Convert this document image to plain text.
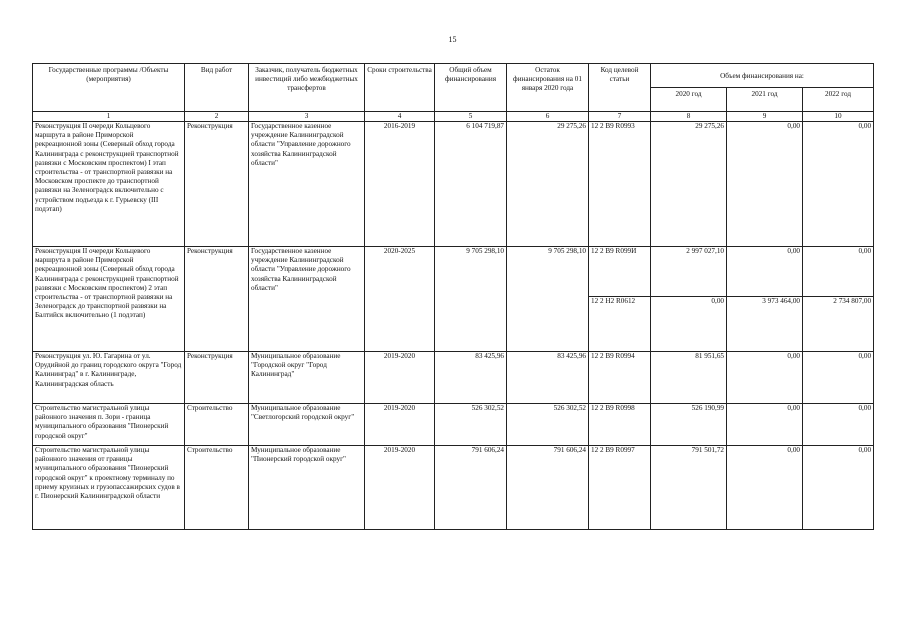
15
Государственные программы /Объекты (мероприятия)	Вид работ	Заказчик, получатель бюджетных инвестиций либо межбюджетных трансфертов	Сроки строительства	Общий объем финансирования	Остаток финансирования на 01 января 2020 года	Код целевой статьи	Объем финансирования на:		
							2020 год	2021 год	2022 год
1	2	3	4	5	6	7	8	9	10
Реконструкция II очереди Кольцевого маршрута в районе Приморской рекреационной зоны (Северный обход города Калининграда с реконструкцией транспортной развязки с Московским проспектом) I этап строительства - от транспортной развязки на Московском проспекте до транспортной развязки на Зеленоградск включительно с устройством подъезда к г. Гурьевску (III подэтап)	Реконструкция	Государственное казенное учреждение Калининградской области "Управление дорожного хозяйства Калининградской области"	2016-2019	6 104 719,87	29 275,26	12 2 B9 R0993	29 275,26	0,00	0,00
Реконструкция II очереди Кольцевого маршрута в районе Приморской рекреационной зоны (Северный обход города Калининграда с реконструкцией транспортной развязки с Московским проспектом) 2 этап строительства - от транспортной развязки на Зеленоградск до транспортной развязки на Балтийск включительно (1 подэтап)	Реконструкция	Государственное казенное учреждение Калининградской области "Управление дорожного хозяйства Калининградской области"	2020-2025	9 705 298,10	9 705 298,10	12 2 B9 R099И	2 997 027,10	0,00	0,00
						12 2 H2 R0612	0,00	3 973 464,00	2 734 807,00
Реконструкция ул. Ю. Гагарина от ул. Орудийной до границ городского округа "Город Калининград" в г. Калининграде, Калининградская область	Реконструкция	Муниципальное образование "Городской округ "Город Калининград"	2019-2020	83 425,96	83 425,96	12 2 B9 R0994	81 951,65	0,00	0,00
Строительство магистральной улицы районного значения п. Зори - граница муниципального образования "Пионерский городской округ"	Строительство	Муниципальное образование "Светлогорский городской округ"	2019-2020	526 302,52	526 302,52	12 2 B9 R0998	526 190,99	0,00	0,00
Строительство магистральной улицы районного значения от границы муниципального образования "Пионерский городской округ" к проектному терминалу по приему круизных и грузопассажирских судов в г. Пионерский Калининградской области	Строительство	Муниципальное образование "Пионерский городской округ"	2019-2020	791 606,24	791 606,24	12 2 B9 R0997	791 501,72	0,00	0,00
